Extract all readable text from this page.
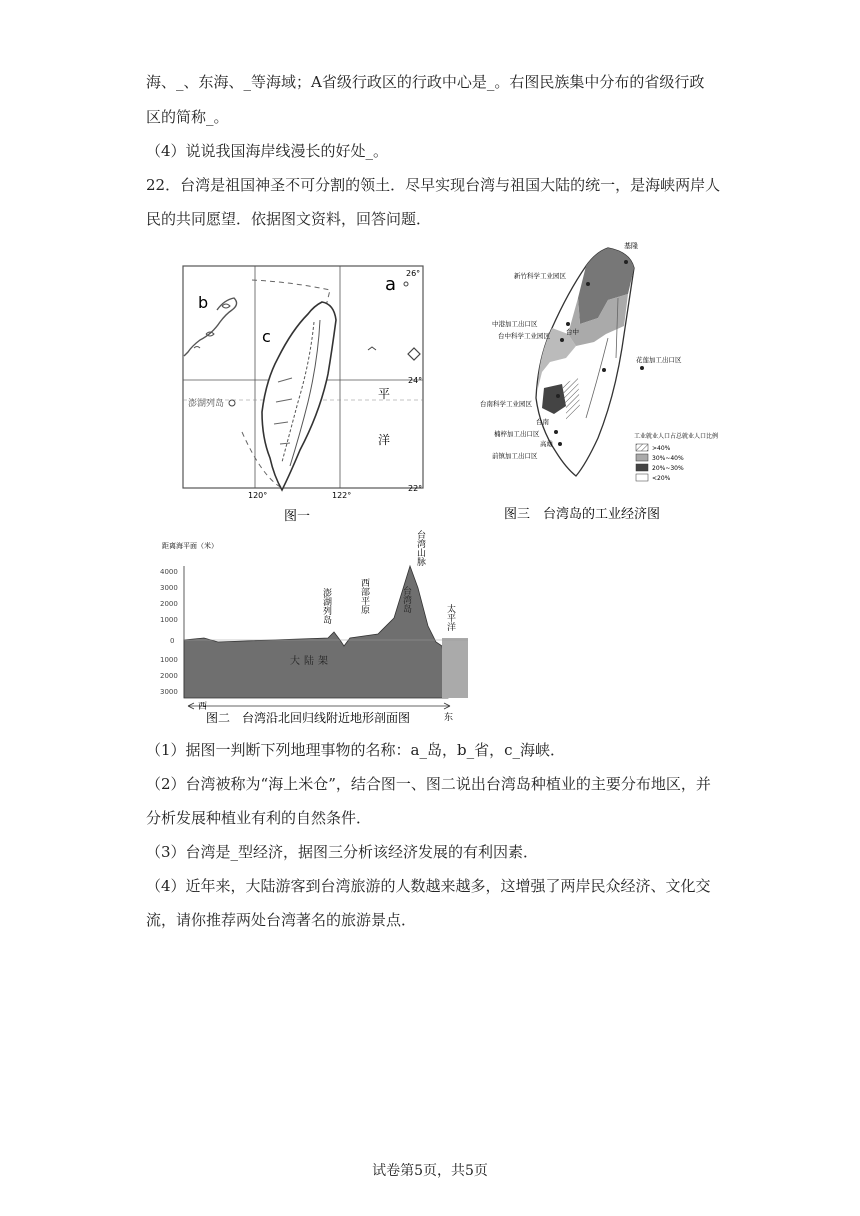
海、_、东海、_等海域；A省级行政区的行政中心是_。右图民族集中分布的省级行政
区的简称_。
（4）说说我国海岸线漫长的好处_。
22．台湾是祖国神圣不可分割的领土．尽早实现台湾与祖国大陆的统一，是海峡两岸人
民的共同愿望．依据图文资料，回答问题．
a
b
c
26°
24°
22°
120°	122°
澎湖列岛
平
洋
图一
基隆
新竹科学工业园区
中港加工出口区
台中科学工业园区 台中
台南科学工业园区
台南
楠梓加工出口区
高雄
前镇加工出口区
花莲加工出口区
工业就业人口占总就业人口比例
>40%
30%~40%
20%~30%
<20%
图三　台湾岛的工业经济图
距离海平面（米）
4000
3000
2000
1000
0
1000
2000
3000
澎湖列岛	西部平原
台湾山脉
台湾岛
太平洋
大陆架
西
东
图二　台湾沿北回归线附近地形剖面图
（1）据图一判断下列地理事物的名称：a_岛，b_省，c_海峡．
（2）台湾被称为“海上米仓”，结合图一、图二说出台湾岛种植业的主要分布地区，并
分析发展种植业有利的自然条件．
（3）台湾是_型经济，据图三分析该经济发展的有利因素．
（4）近年来，大陆游客到台湾旅游的人数越来越多，这增强了两岸民众经济、文化交
流，请你推荐两处台湾著名的旅游景点．
试卷第5页，共5页
